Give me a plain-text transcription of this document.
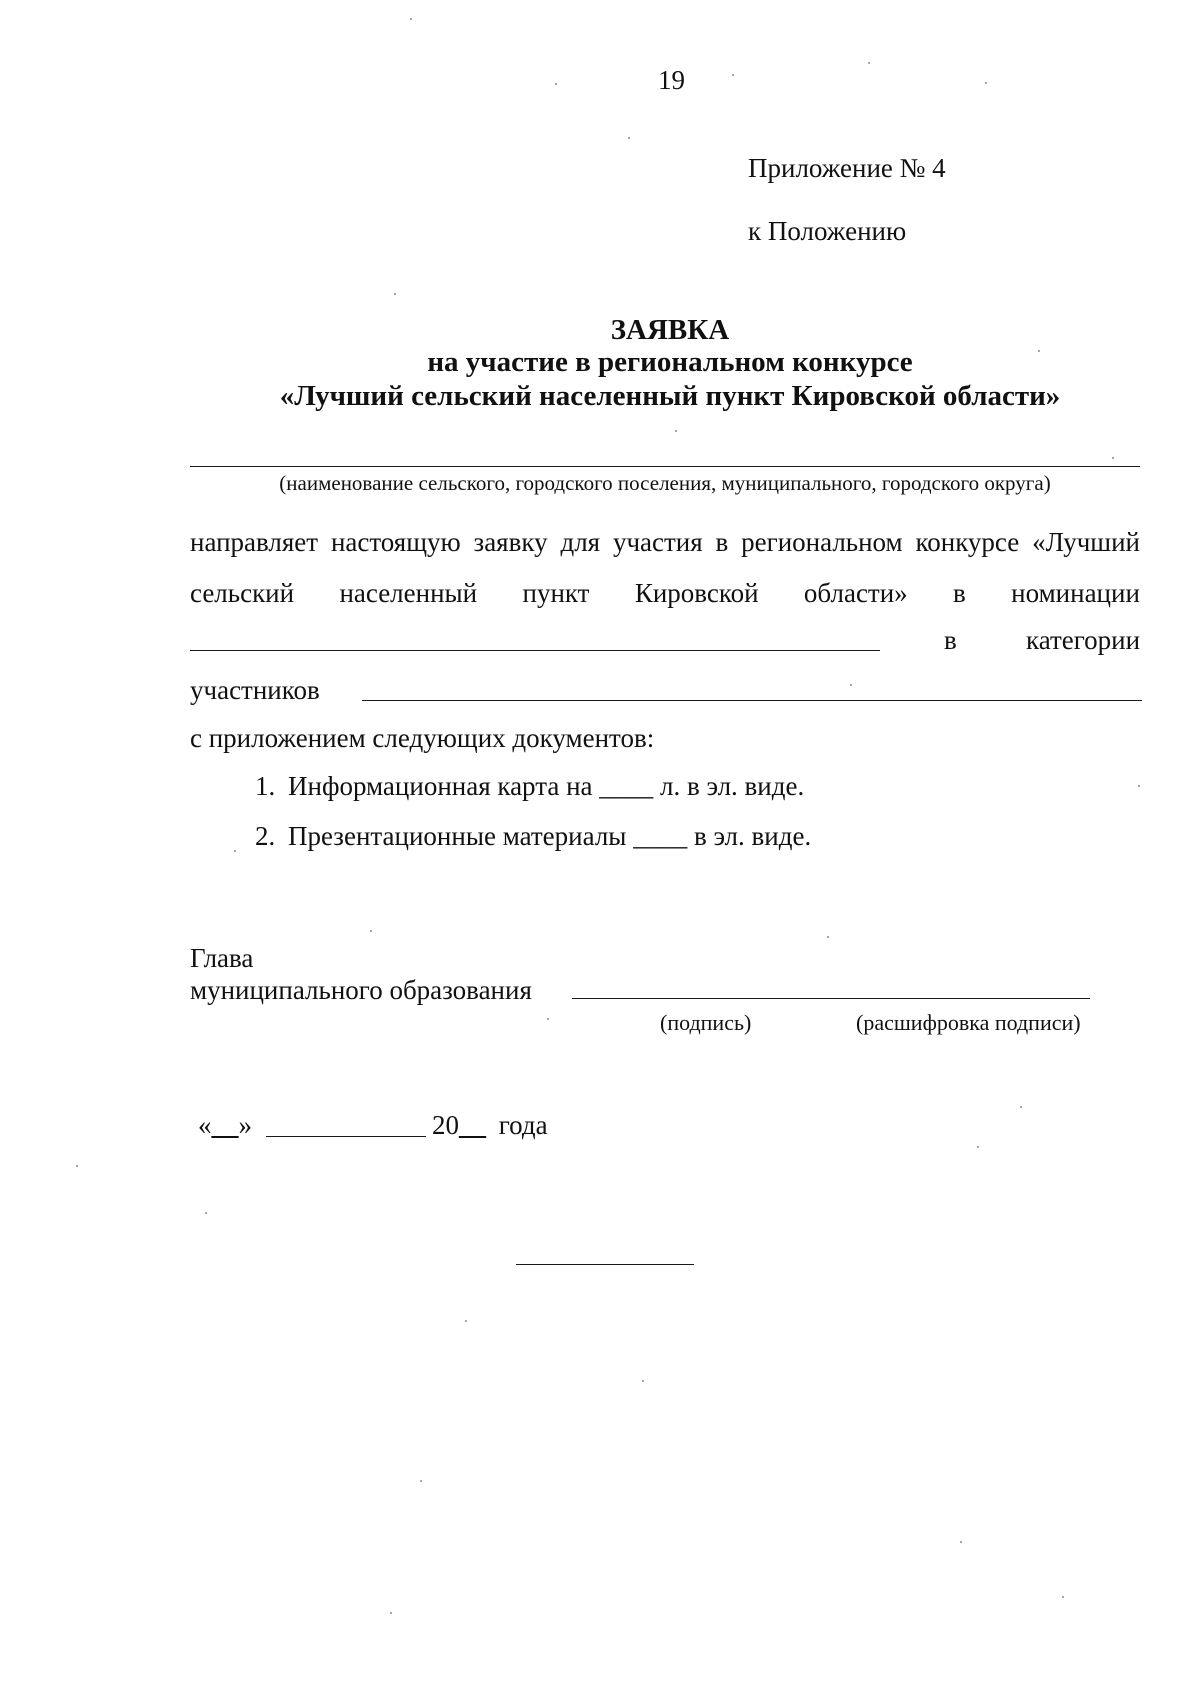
19
Приложение № 4
к Положению
ЗАЯВКА
на участие в региональном конкурсе
«Лучший сельский населенный пункт Кировской области»
(наименование сельского, городского поселения, муниципального, городского округа)
направляет настоящую заявку для участия в региональном конкурсе «Лучший
сельский населенный пункт Кировской области» в номинации
в	категории
участников
с приложением следующих документов:
1. Информационная карта на ____ л. в эл. виде.
2. Презентационные материалы ____ в эл. виде.
Глава
муниципального образования
(подпись)	(расшифровка подписи)
«__»	20__ года
